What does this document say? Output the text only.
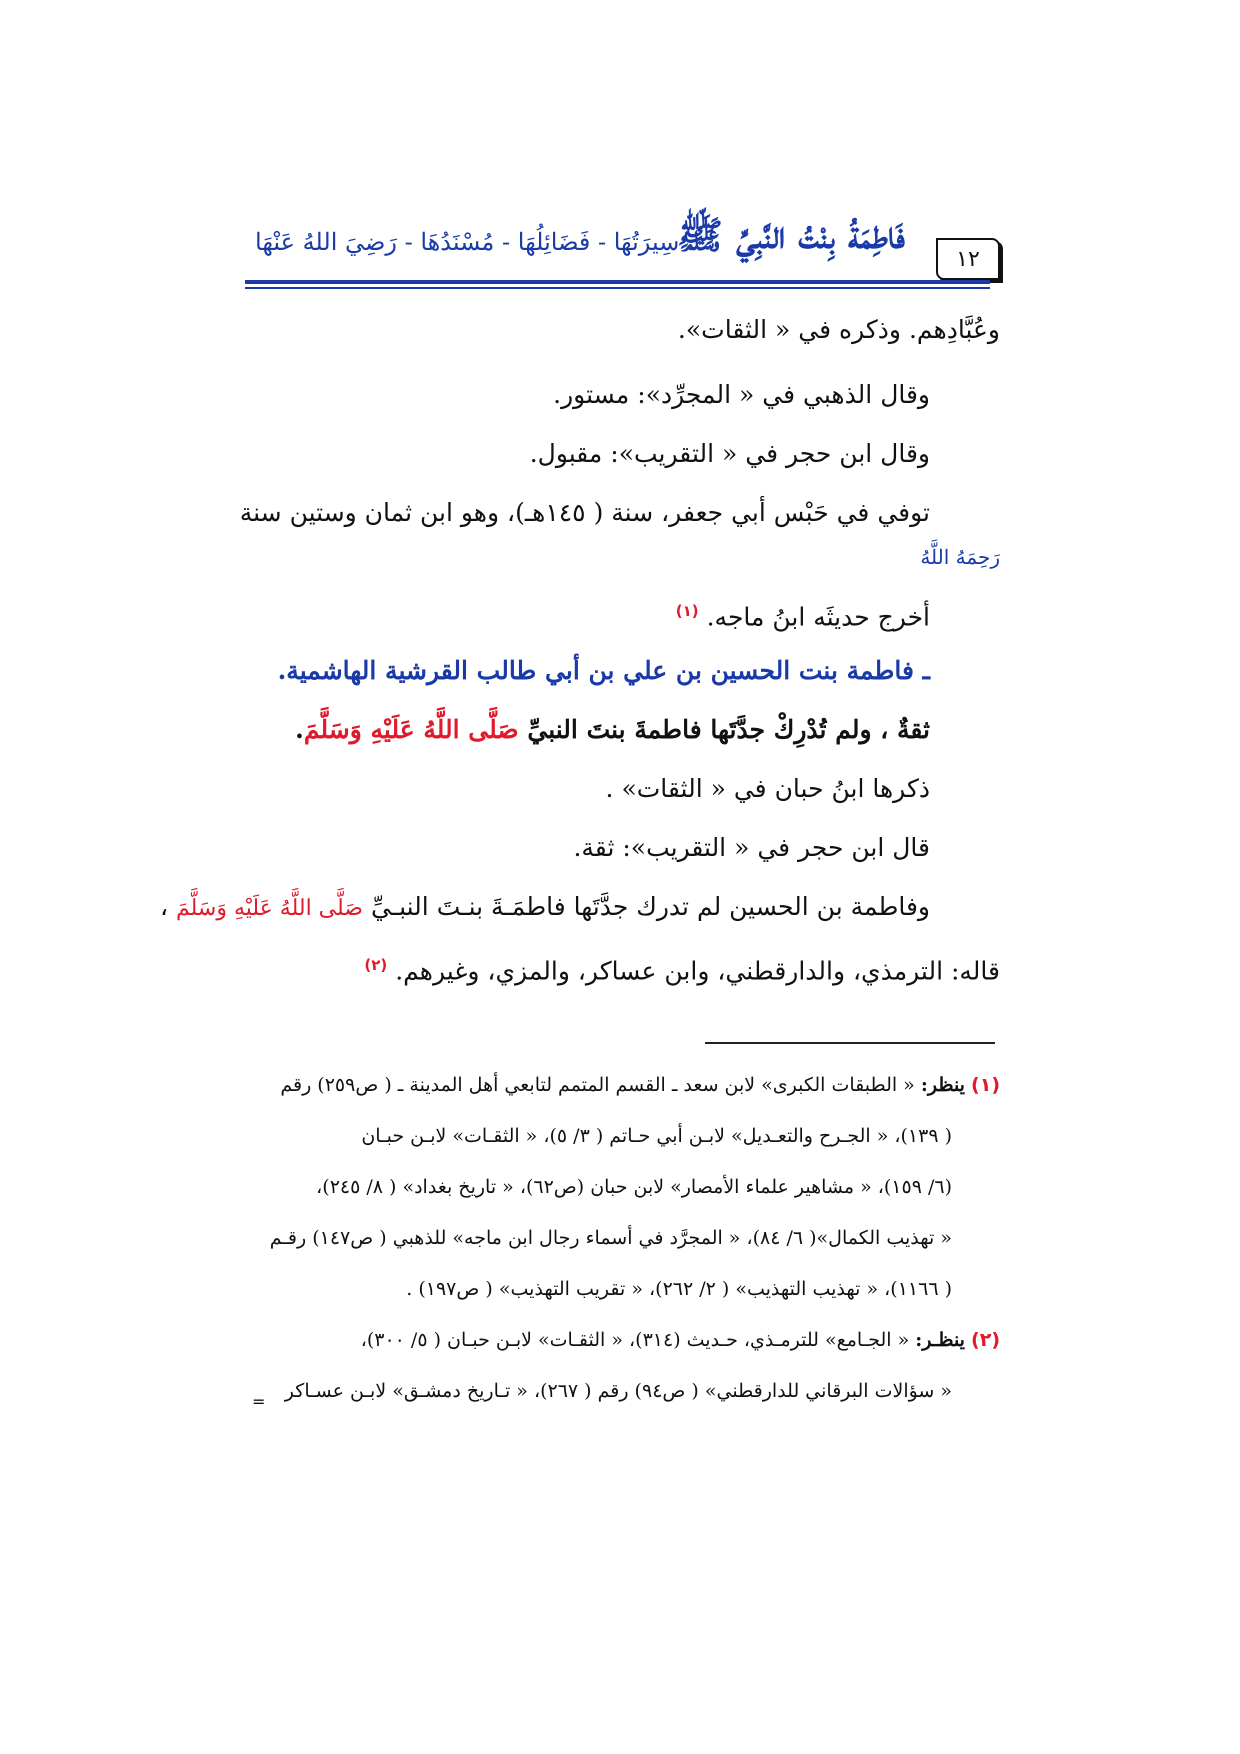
١٢
فَاطِمَةُ بِنْتُ النَّبِيِّ ﷺ
سِيرَتُهَا - فَضَائِلُهَا - مُسْنَدُهَا - رَضِيَ اللهُ عَنْهَا
وعُبَّادِهم. وذكره في « الثقات».
وقال الذهبي في « المجرِّد»: مستور.
وقال ابن حجر في « التقريب»: مقبول.
توفي في حَبْس أبي جعفر، سنة ( ١٤٥هـ)، وهو ابن ثمان وستين سنة
رَحِمَهُ اللَّهُ
أخرج حديثَه ابنُ ماجه. $^{(١)}$
ـ فاطمة بنت الحسين بن علي بن أبي طالب القرشية الهاشمية.
ثقةٌ ، ولم تُدْرِكْ جدَّتَها فاطمةَ بنتَ النبيِّ صَلَّى اللَّهُ عَلَيْهِ وَسَلَّمَ.
ذكرها ابنُ حبان في « الثقات» .
قال ابن حجر في « التقريب»: ثقة.
وفاطمة بن الحسين لم تدرك جدَّتَها فاطمَـةَ بنـتَ النبـيِّ صَلَّى اللَّهُ عَلَيْهِ وَسَلَّمَ ،
قاله: الترمذي، والدارقطني، وابن عساكر، والمزي، وغيرهم. $^{(٢)}$
(١) ينظر: « الطبقات الكبرى» لابن سعد ـ القسم المتمم لتابعي أهل المدينة ـ ( ص٢٥٩) رقم
( ١٣٩)، « الجـرح والتعـديل» لابـن أبي حـاتم ( ٣/ ٥)، « الثقـات» لابـن حبـان
(٦/ ١٥٩)، « مشاهير علماء الأمصار» لابن حبان (ص٦٢)، « تاريخ بغداد» ( ٨/ ٢٤٥)،
« تهذيب الكمال»( ٦/ ٨٤)، « المجرَّد في أسماء رجال ابن ماجه» للذهبي ( ص١٤٧) رقـم
( ١١٦٦)، « تهذيب التهذيب» ( ٢/ ٢٦٢)، « تقريب التهذيب» ( ص١٩٧) .
(٢) ينظـر: « الجـامع» للترمـذي، حـديث (٣١٤)، « الثقـات» لابـن حبـان ( ٥/ ٣٠٠)،
« سؤالات البرقاني للدارقطني» ( ص٩٤) رقم ( ٢٦٧)، « تـاريخ دمشـق» لابـن عسـاكر
=
